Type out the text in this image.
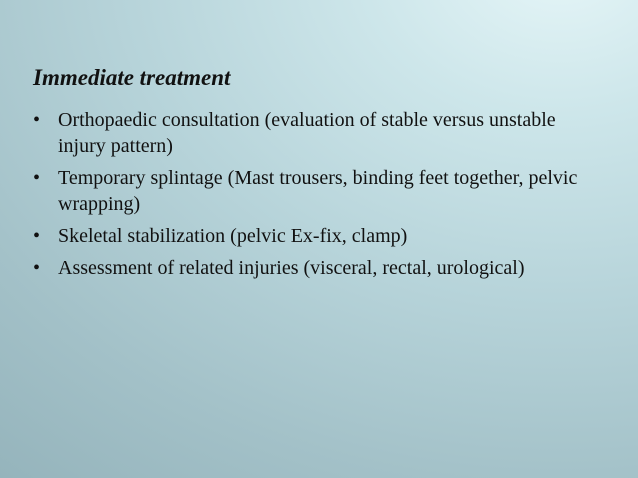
Immediate treatment
• Orthopaedic consultation (evaluation of stable versus unstable injury pattern)
• Temporary splintage (Mast trousers, binding feet together, pelvic wrapping)
• Skeletal stabilization (pelvic Ex-fix, clamp)
• Assessment of related injuries (visceral, rectal, urological)
